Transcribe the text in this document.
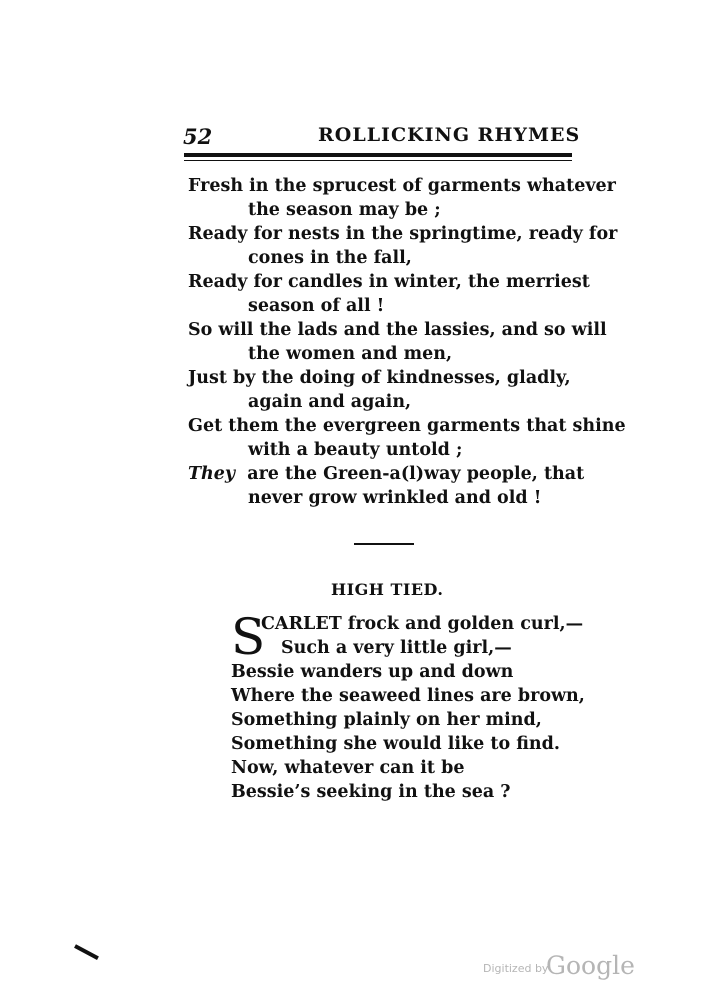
52	ROLLICKING RHYMES
Fresh in the sprucest of garments whatever
the season may be ;
Ready for nests in the springtime, ready for
cones in the fall,
Ready for candles in winter, the merriest
season of all !
So will the lads and the lassies, and so will
the women and men,
Just by the doing of kindnesses, gladly,
again and again,
Get them the evergreen garments that shine
with a beauty untold ;
They are the Green-a(l)way people, that
never grow wrinkled and old !
HIGH TIED.
S
CARLET frock and golden curl,—
Such a very little girl,—
Bessie wanders up and down
Where the seaweed lines are brown,
Something plainly on her mind,
Something she would like to find.
Now, whatever can it be
Bessie’s seeking in the sea ?
Digitized by
Google
